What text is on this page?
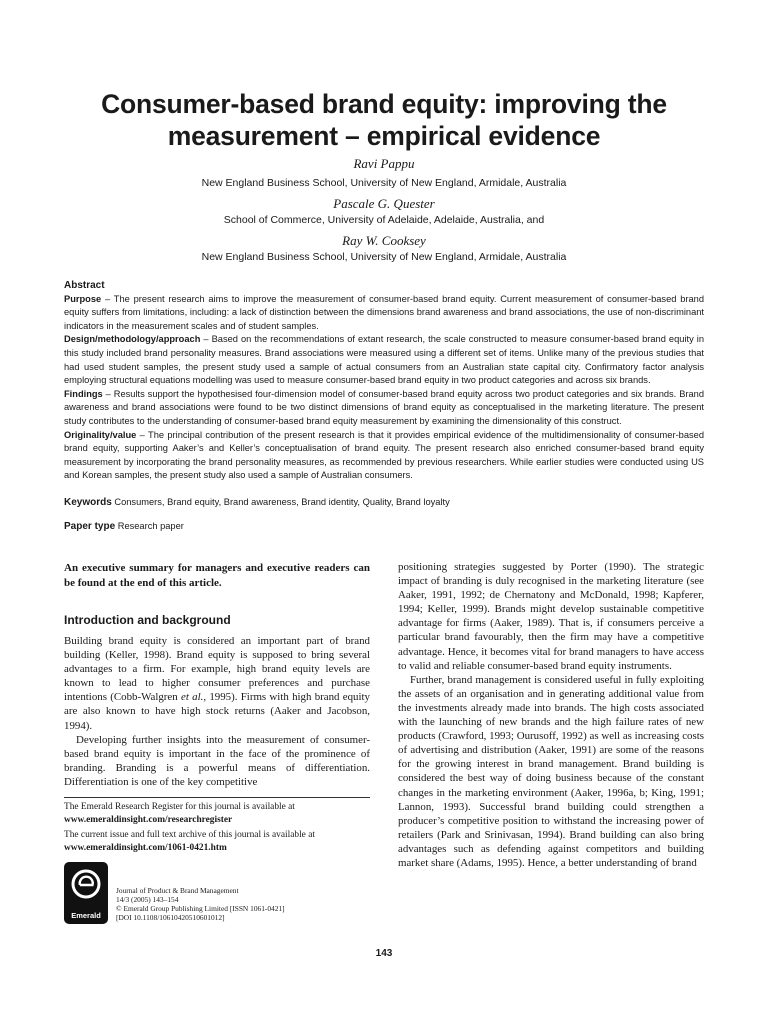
Consumer-based brand equity: improving the measurement – empirical evidence
Ravi Pappu
New England Business School, University of New England, Armidale, Australia
Pascale G. Quester
School of Commerce, University of Adelaide, Adelaide, Australia, and
Ray W. Cooksey
New England Business School, University of New England, Armidale, Australia

Abstract

Purpose – The present research aims to improve the measurement of consumer-based brand equity. Current measurement of consumer-based brand equity suffers from limitations, including: a lack of distinction between the dimensions brand awareness and brand associations, the use of non-discriminant indicators in the measurement scales and of student samples.

Design/methodology/approach – Based on the recommendations of extant research, the scale constructed to measure consumer-based brand equity in this study included brand personality measures. Brand associations were measured using a different set of items. Unlike many of the previous studies that had used student samples, the present study used a sample of actual consumers from an Australian state capital city. Confirmatory factor analysis employing structural equations modelling was used to measure consumer-based brand equity in two product categories and across six brands.

Findings – Results support the hypothesised four-dimension model of consumer-based brand equity across two product categories and six brands. Brand awareness and brand associations were found to be two distinct dimensions of brand equity as conceptualised in the marketing literature. The present study contributes to the understanding of consumer-based brand equity measurement by examining the dimensionality of this construct.

Originality/value – The principal contribution of the present research is that it provides empirical evidence of the multidimensionality of consumer-based brand equity, supporting Aaker’s and Keller’s conceptualisation of brand equity. The present research also enriched consumer-based brand equity measurement by incorporating the brand personality measures, as recommended by previous researchers. While earlier studies were conducted using US and Korean samples, the present study also used a sample of Australian consumers.

Keywords Consumers, Brand equity, Brand awareness, Brand identity, Quality, Brand loyalty
Paper type Research paper
An executive summary for managers and executive readers can be found at the end of this article.
Introduction and background

Building brand equity is considered an important part of brand building (Keller, 1998). Brand equity is supposed to bring several advantages to a firm. For example, high brand equity levels are known to lead to higher consumer preferences and purchase intentions (Cobb-Walgren et al., 1995). Firms with high brand equity are also known to have high stock returns (Aaker and Jacobson, 1994).

Developing further insights into the measurement of consumer-based brand equity is important in the face of the prominence of branding. Branding is a powerful means of differentiation. Differentiation is one of the key competitive

The Emerald Research Register for this journal is available at
www.emeraldinsight.com/researchregister
The current issue and full text archive of this journal is available at
www.emeraldinsight.com/1061-0421.htm
Emerald
Journal of Product & Brand Management
14/3 (2005) 143–154
© Emerald Group Publishing Limited [ISSN 1061-0421]
[DOI 10.1108/10610420510601012]

positioning strategies suggested by Porter (1990). The strategic impact of branding is duly recognised in the marketing literature (see Aaker, 1991, 1992; de Chernatony and McDonald, 1998; Kapferer, 1994; Keller, 1999). Brands might develop sustainable competitive advantage for firms (Aaker, 1989). That is, if consumers perceive a particular brand favourably, then the firm may have a competitive advantage. Hence, it becomes vital for brand managers to have access to valid and reliable consumer-based brand equity instruments.

Further, brand management is considered useful in fully exploiting the assets of an organisation and in generating additional value from the investments already made into brands. The high costs associated with the launching of new brands and the high failure rates of new products (Crawford, 1993; Ourusoff, 1992) as well as increasing costs of advertising and distribution (Aaker, 1991) are some of the reasons for the growing interest in brand management. Brand building is considered the best way of doing business because of the constant changes in the marketing environment (Aaker, 1996a, b; King, 1991; Lannon, 1993). Successful brand building could strengthen a producer’s competitive position to withstand the increasing power of retailers (Park and Srinivasan, 1994). Brand building can also bring advantages such as defending against competitors and building market share (Adams, 1995). Hence, a better understanding of brand

143
